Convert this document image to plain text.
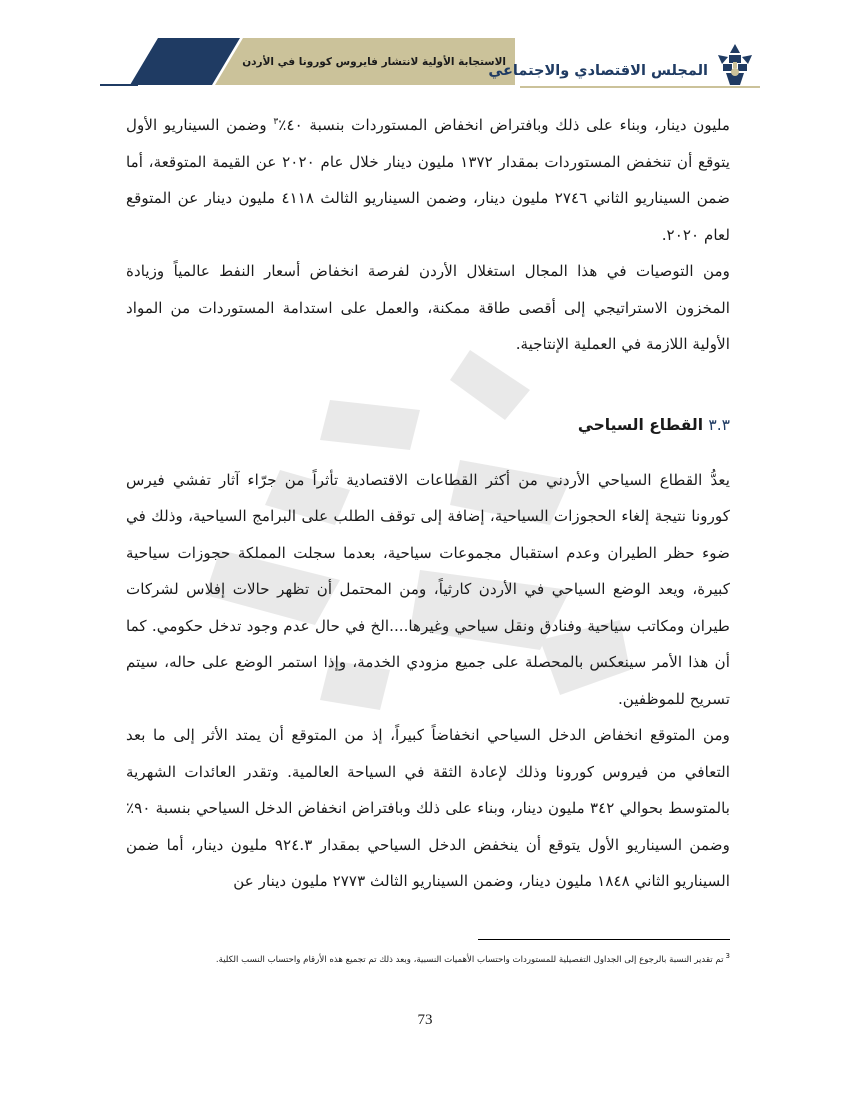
الاستجابة الأولية لانتشار فايروس كورونا في الأردن
المجلس الاقتصادي والاجتماعي

مليون دينار، وبناء على ذلك وبافتراض انخفاض المستوردات بنسبة ٤٠٪$^٣$ وضمن السيناريو الأول يتوقع أن تنخفض المستوردات بمقدار ١٣٧٢ مليون دينار خلال عام ٢٠٢٠ عن القيمة المتوقعة، أما ضمن السيناريو الثاني ٢٧٤٦ مليون دينار، وضمن السيناريو الثالث ٤١١٨ مليون دينار عن المتوقع لعام ٢٠٢٠.

ومن التوصيات في هذا المجال استغلال الأردن لفرصة انخفاض أسعار النفط عالمياً وزيادة المخزون الاستراتيجي إلى أقصى طاقة ممكنة، والعمل على استدامة المستوردات من المواد الأولية اللازمة في العملية الإنتاجية.

٣.٣ القطاع السياحي

يعدُّ القطاع السياحي الأردني من أكثر القطاعات الاقتصادية تأثراً من جرّاء آثار تفشي فيرس كورونا نتيجة إلغاء الحجوزات السياحية، إضافة إلى توقف الطلب على البرامج السياحية، وذلك في ضوء حظر الطيران وعدم استقبال مجموعات سياحية، بعدما سجلت المملكة حجوزات سياحية كبيرة، ويعد الوضع السياحي في الأردن كارثياً، ومن المحتمل أن تظهر حالات إفلاس لشركات طيران ومكاتب سياحية وفنادق ونقل سياحي وغيرها....الخ في حال عدم وجود تدخل حكومي. كما أن هذا الأمر سينعكس بالمحصلة على جميع مزودي الخدمة، وإذا استمر الوضع على حاله، سيتم تسريح للموظفين.

ومن المتوقع انخفاض الدخل السياحي انخفاضاً كبيراً، إذ من المتوقع أن يمتد الأثر إلى ما بعد التعافي من فيروس كورونا وذلك لإعادة الثقة في السياحة العالمية. وتقدر العائدات الشهرية بالمتوسط بحوالي ٣٤٢ مليون دينار، وبناء على ذلك وبافتراض انخفاض الدخل السياحي بنسبة ٩٠٪ وضمن السيناريو الأول يتوقع أن ينخفض الدخل السياحي بمقدار ٩٢٤.٣ مليون دينار، أما ضمن السيناريو الثاني ١٨٤٨ مليون دينار، وضمن السيناريو الثالث ٢٧٧٣ مليون دينار عن

$^3$تم تقدير النسبة بالرجوع إلى الجداول التفصيلية للمستوردات واحتساب الأهميات النسبية، وبعد ذلك تم تجميع هذه الأرقام واحتساب النسب الكلية.
73
